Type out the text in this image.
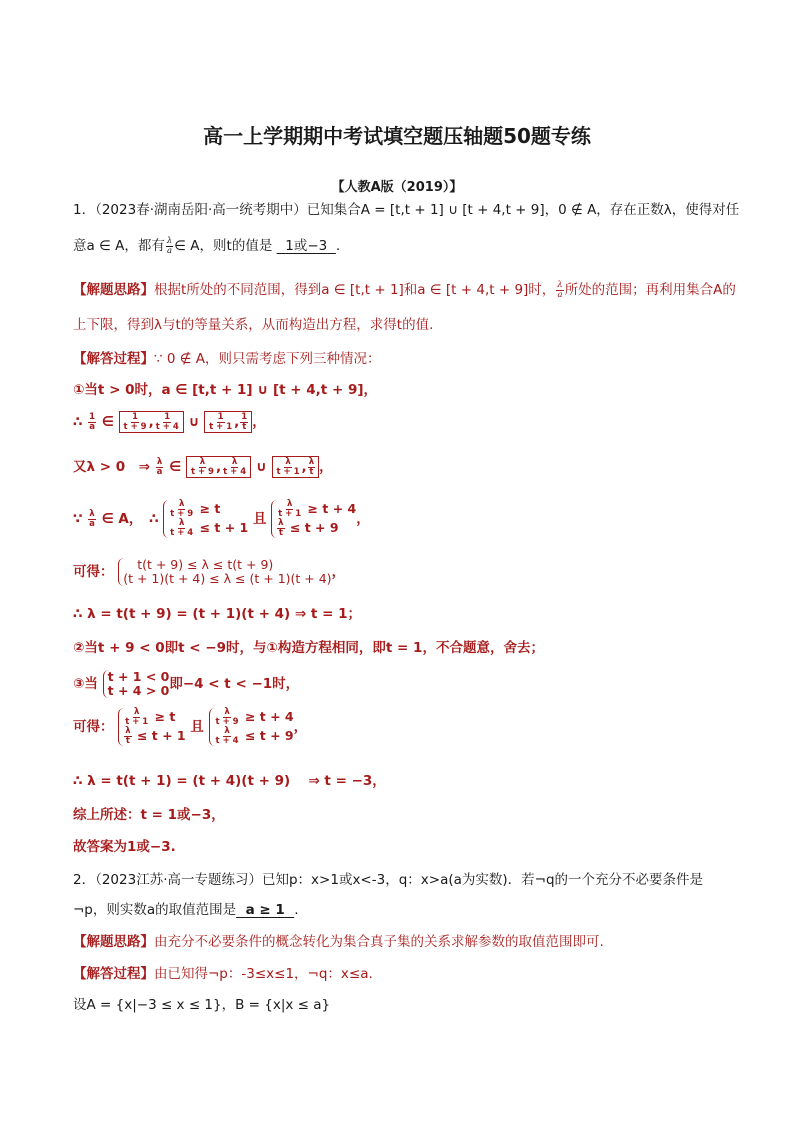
高一上学期期中考试填空题压轴题50题专练
【人教A版（2019）】
1．（2023春·湖南岳阳·高一统考期中）已知集合A = [t,t + 1] ∪ [t + 4,t + 9]，0 ∉ A，存在正数λ，使得对任
意a ∈ A，都有 $\frac{\lambda}{a}$ ∈ A，则t的值是 1或−3 .
【解题思路】根据t所处的不同范围，得到a ∈ [t,t + 1]和a ∈ [t + 4,t + 9]时， $\frac{\lambda}{a}$ 所处的范围；再利用集合A的
上下限，得到λ与t的等量关系，从而构造出方程，求得t的值.
【解答过程】∵ 0 ∉ A，则只需考虑下列三种情况：
①当t > 0时，a ∈ [t,t + 1] ∪ [t + 4,t + 9]，
∴ $\frac{1}{a}$ ∈ $\frac{1}{t + 9}$ , $\frac{1}{t + 4}$ ∪ $\frac{1}{t + 1}$ , $\frac{1}{t}$ ，
又λ > 0　⇒ $\frac{\lambda}{a}$ ∈ $\frac{\lambda}{t + 9}$ , $\frac{\lambda}{t + 4}$ ∪ $\frac{\lambda}{t + 1}$ , $\frac{\lambda}{t}$ ，
∵ $\frac{\lambda}{a}$ ∈ A，　∴ $\frac{\lambda}{t + 9} \ge t$
$\frac{\lambda}{t + 4} \le t + 1$
且 $\frac{\lambda}{t + 1} \ge t + 4$
$\frac{\lambda}{t} \le t + 9$
，
可得：	t(t + 9) ≤ λ ≤ t(t + 9)
(t + 1)(t + 4) ≤ λ ≤ (t + 1)(t + 4) ，
∴ λ = t(t + 9) = (t + 1)(t + 4) ⇒ t = 1；
②当t + 9 < 0即t < −9时，与①构造方程相同，即t = 1，不合题意，舍去；
③当 t + 1 < 0
t + 4 > 0 即−4 < t < −1时，
可得： $\frac{\lambda}{t + 1} \ge t$
$\frac{\lambda}{t} \le t + 1$
且 $\frac{\lambda}{t + 9} \ge t + 4$
$\frac{\lambda}{t + 4} \le t + 9$
，
∴ λ = t(t + 1) = (t + 4)(t + 9)　 ⇒ t = −3，
综上所述：t = 1或−3，
故答案为1或−3.
2．（2023江苏·高一专题练习）已知p：x>1或x<-3，q：x>a(a为实数)．若¬q的一个充分不必要条件是
¬p，则实数a的取值范围是 a ≥ 1 .
【解题思路】由充分不必要条件的概念转化为集合真子集的关系求解参数的取值范围即可.
【解答过程】由已知得¬p：-3≤x≤1，¬q：x≤a.
设A = {x|−3 ≤ x ≤ 1}，B = {x|x ≤ a}
